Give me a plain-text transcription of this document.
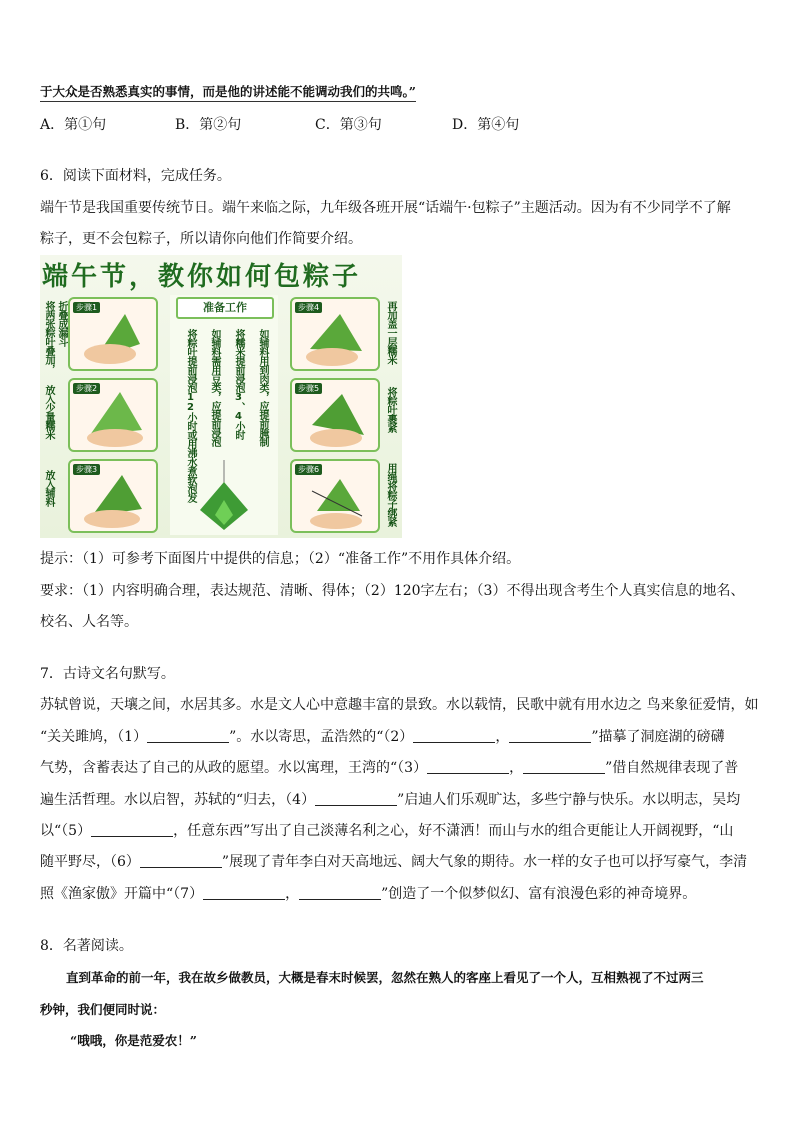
于大众是否熟悉真实的事情，而是他的讲述能不能调动我们的共鸣。”
A．第①句	B．第②句	C．第③句	D．第④句
6．阅读下面材料，完成任务。
端午节是我国重要传统节日。端午来临之际，九年级各班开展“话端午·包粽子”主题活动。因为有不少同学不了解
粽子，更不会包粽子，所以请你向他们作简要介绍。
端午节，教你如何包粽子
将两张粽叶叠加， 折叠成漏斗	步骤1
放入少量糯米	步骤2
放入辅料
步骤3
准备工作
将粽叶提前浸泡12小时或用沸水煮软泡发 如辅料需用豆类，应提前浸泡 将糯米提前浸泡3、4小时 如辅料用到肉类，应提前腌制
步骤4	再加盖一层糯米
步骤5	将粽叶裹紧
步骤6	用绳将粽子绑紧
提示：（1）可参考下面图片中提供的信息；（2）“准备工作”不用作具体介绍。
要求：（1）内容明确合理，表达规范、清晰、得体；（2）120字左右；（3）不得出现含考生个人真实信息的地名、
校名、人名等。
7．古诗文名句默写。
苏轼曾说，天壤之间，水居其多。水是文人心中意趣丰富的景致。水以载情，民歌中就有用水边之 鸟来象征爱情，如
“关关雎鸠，（1）	”。水以寄思，孟浩然的“（2）	，	”描摹了洞庭湖的磅礴
气势，含蓄表达了自己的从政的愿望。水以寓理，王湾的“（3）	，	”借自然规律表现了普
遍生活哲理。水以启智，苏轼的“归去，（4）	”启迪人们乐观旷达，多些宁静与快乐。水以明志，吴均
以“（5）	，任意东西”写出了自己淡薄名利之心，好不潇洒！而山与水的组合更能让人开阔视野，“山
随平野尽，（6）	”展现了青年李白对天高地远、阔大气象的期待。水一样的女子也可以抒写豪气，李清
照《渔家傲》开篇中“（7）	，	”创造了一个似梦似幻、富有浪漫色彩的神奇境界。
8．名著阅读。
直到革命的前一年，我在故乡做教员，大概是春末时候罢，忽然在熟人的客座上看见了一个人，互相熟视了不过两三
秒钟，我们便同时说：
“哦哦，你是范爱农！”
